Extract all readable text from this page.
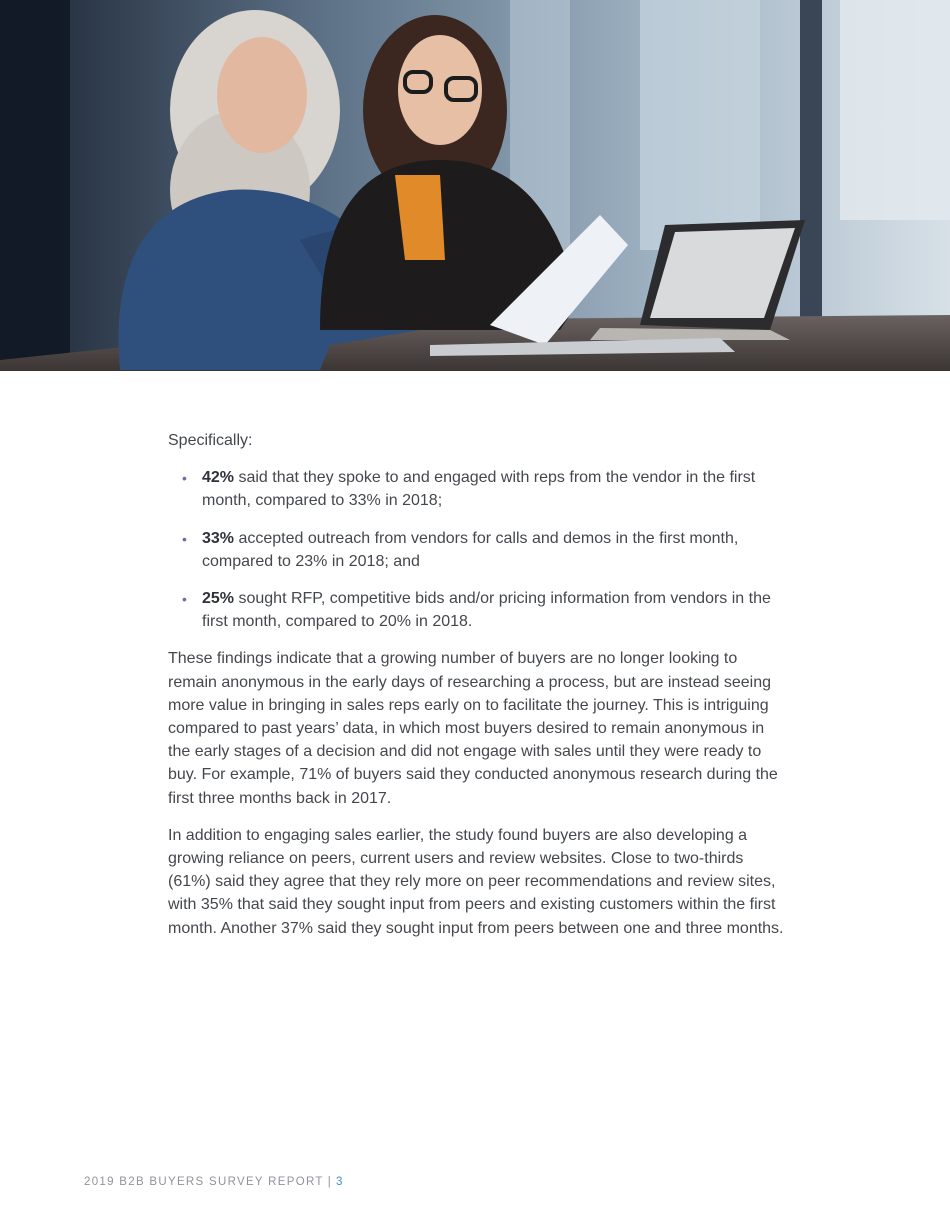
Specifically:

• 42% said that they spoke to and engaged with reps from the vendor in the first month, compared to 33% in 2018;
• 33% accepted outreach from vendors for calls and demos in the first month, compared to 23% in 2018; and
• 25% sought RFP, competitive bids and/or pricing information from vendors in the first month, compared to 20% in 2018.

These findings indicate that a growing number of buyers are no longer looking to remain anonymous in the early days of researching a process, but are instead seeing more value in bringing in sales reps early on to facilitate the journey. This is intriguing compared to past years’ data, in which most buyers desired to remain anonymous in the early stages of a decision and did not engage with sales until they were ready to buy. For example, 71% of buyers said they conducted anonymous research during the first three months back in 2017.

In addition to engaging sales earlier, the study found buyers are also developing a growing reliance on peers, current users and review websites. Close to two-thirds (61%) said they agree that they rely more on peer recommendations and review sites, with 35% that said they sought input from peers and existing customers within the first month. Another 37% said they sought input from peers between one and three months.

2019 B2B BUYERS SURVEY REPORT | 3
